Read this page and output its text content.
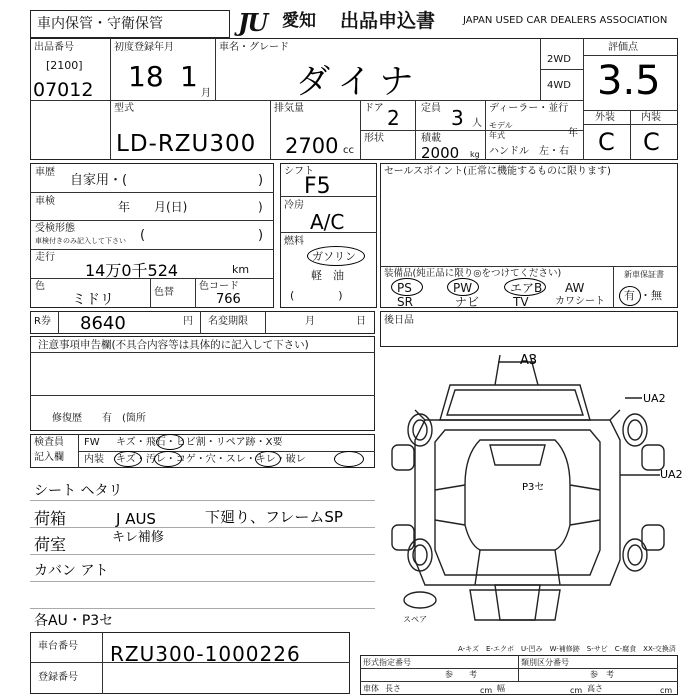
車内保管・守衛保管	JU 愛知 出品申込書	JAPAN USED CAR DEALERS ASSOCIATION
出品番号
[2100]
07012
初度登録年月
18 1
月
車名・グレード
ダイナ
2WD
4WD
評価点
3.5
外装	内装
C C
型式
LD-RZU300
排気量
2700 cc
ドア 2 定員 3 人
形状	積載
2000 kg
ディーラー・並行
モデル
年式	年
ハンドル　左・右
車歴
自家用・(	)
車検	年　　月(日)	)
受検形態
車検付きのみ記入して下さい (	)
走行
14万0千524	km
色
ミドリ	色替
色コード
766
シフト
F5
冷房
A/C
燃料
ガソリン
軽　油
(　　　　)
セールスポイント(正常に機能するものに限ります)
装備品(純正品に限り◎をつけてください)
PS	PW	エアB AW
SR	ナビ	TV	カワシート
新車保証書
有 ・無
R券 8640	円 名変期限	月	日 後日品
注意事項申告欄(不具合内容等は具体的に記入して下さい)
修復歴　　有　(箇所
検査員
記入欄
FW キズ・飛石・ヒビ割・リペア跡・X要
内装 キズ・汚レ・コゲ・穴・スレ・キレ・破レ
シート ヘタリ
荷箱	J AUS
キレ補修
下廻り、フレームSP
荷室
カバン アト
各AU・P3セ
A3
UA2
UA2
P3セ
スペア
A-キズ　E-エクボ　U-凹み　W-補修跡　S-サビ　C-腐食　XX-交換済
車台番号 RZU300-1000226
登録番号
形式指定番号
参　　考
類別区分番号
参　考
車体 長さ	cm 幅	cm 高さ	cm
